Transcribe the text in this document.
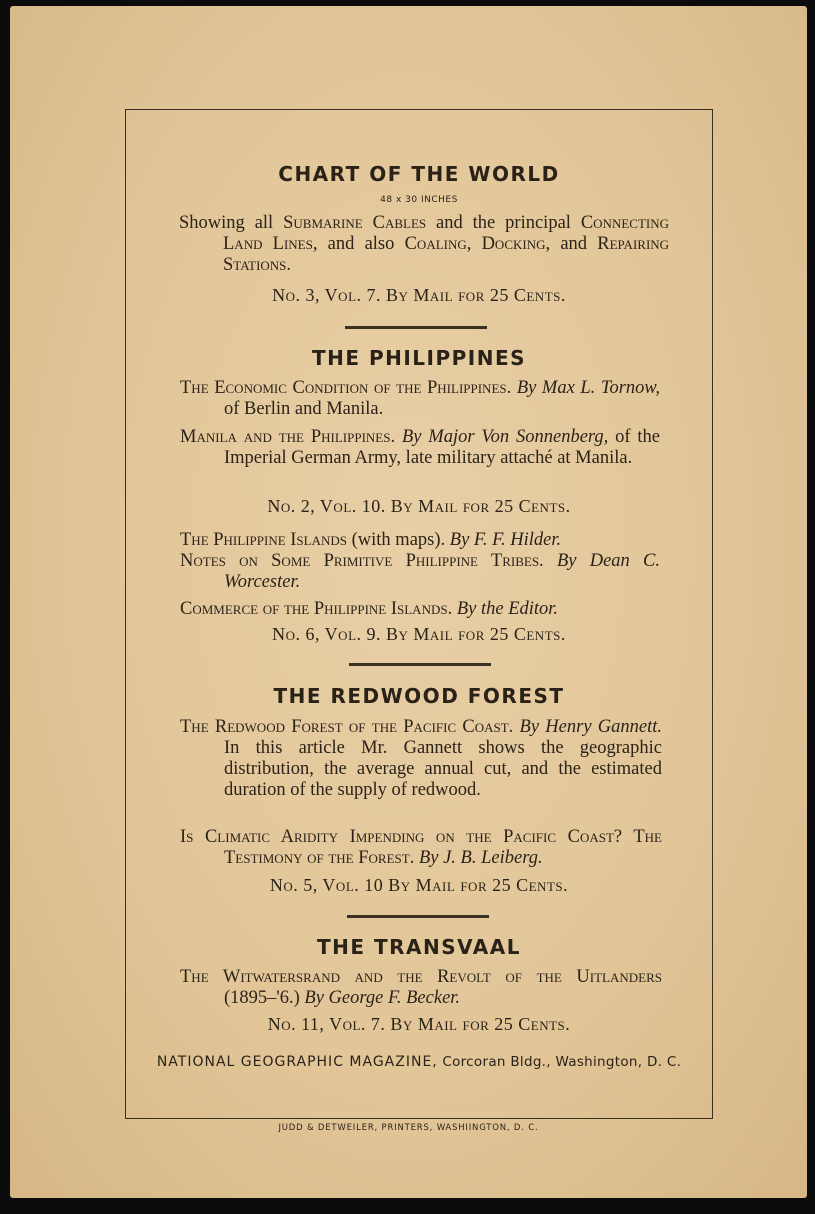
CHART OF THE WORLD
48 x 30 INCHES
Showing all Submarine Cables and the principal Connecting Land Lines, and also Coaling, Docking, and Repairing Stations.
No. 3, Vol. 7. By Mail for 25 Cents.
THE PHILIPPINES
The Economic Condition of the Philippines. By Max L. Tornow, of Berlin and Manila.
Manila and the Philippines. By Major Von Sonnenberg, of the Imperial German Army, late military attaché at Manila.
No. 2, Vol. 10. By Mail for 25 Cents.
The Philippine Islands (with maps). By F. F. Hilder.
Notes on Some Primitive Philippine Tribes. By Dean C. Worcester.
Commerce of the Philippine Islands. By the Editor.
No. 6, Vol. 9. By Mail for 25 Cents.
THE REDWOOD FOREST
The Redwood Forest of the Pacific Coast. By Henry Gannett. In this article Mr. Gannett shows the geographic distribution, the average annual cut, and the estimated duration of the supply of redwood.
Is Climatic Aridity Impending on the Pacific Coast? The Testimony of the Forest. By J. B. Leiberg.
No. 5, Vol. 10 By Mail for 25 Cents.
THE TRANSVAAL
The Witwatersrand and the Revolt of the Uitlanders (1895–'6.) By George F. Becker.
No. 11, Vol. 7. By Mail for 25 Cents.
NATIONAL GEOGRAPHIC MAGAZINE, Corcoran Bldg., Washington, D. C.
JUDD & DETWEILER, PRINTERS, WASHIINGTON, D. C.
